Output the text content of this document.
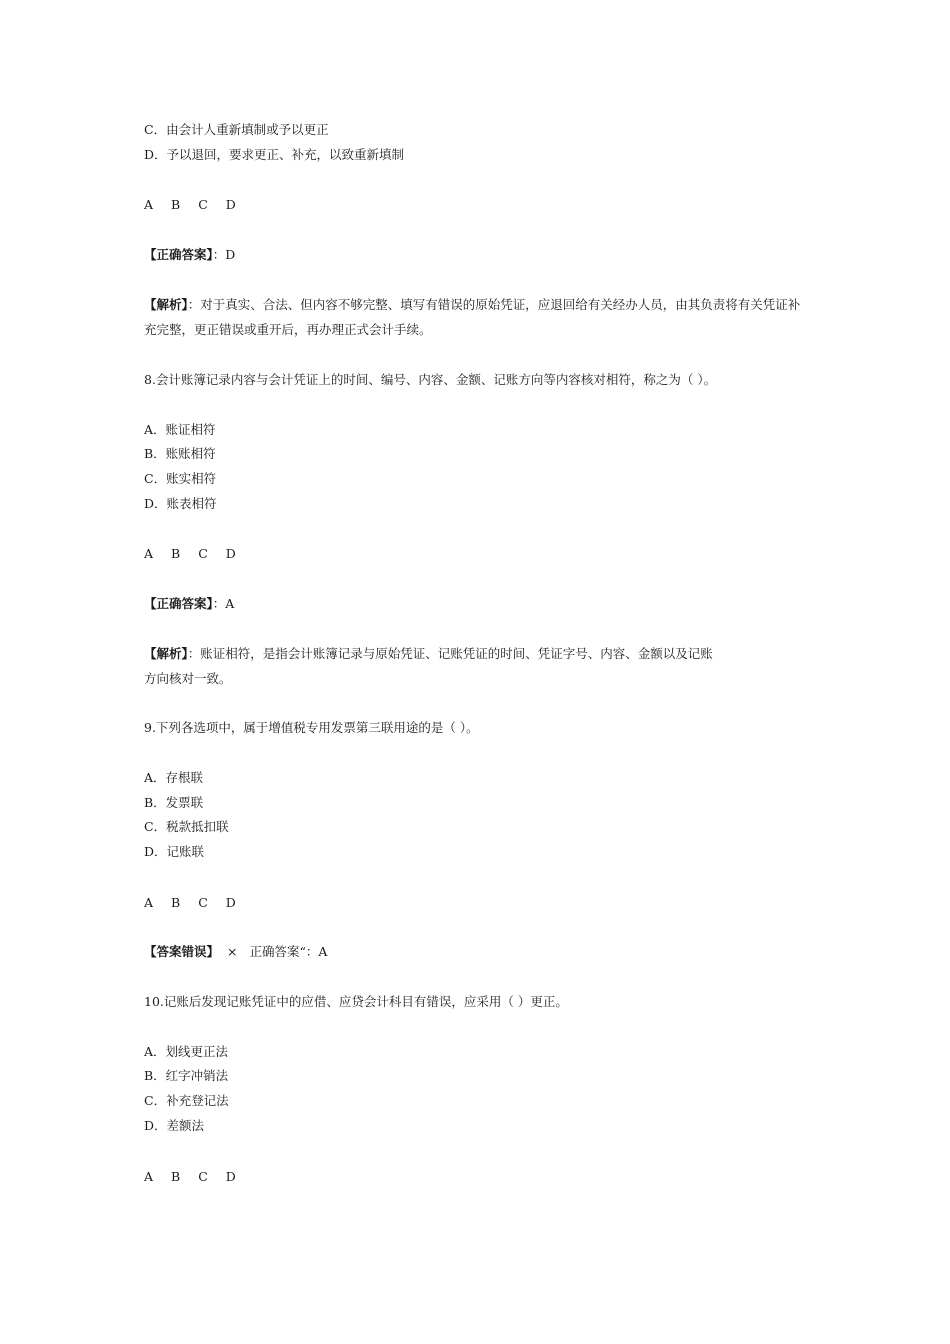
C．由会计人重新填制或予以更正
D．予以退回，要求更正、补充，以致重新填制
A B C D
【正确答案】：D
【解析】：对于真实、合法、但内容不够完整、填写有错误的原始凭证，应退回给有关经办人员，由其负责将有关凭证补
充完整，更正错误或重开后，再办理正式会计手续。
8.会计账簿记录内容与会计凭证上的时间、编号、内容、金额、记账方向等内容核对相符，称之为（ ）。
A．账证相符
B．账账相符
C．账实相符
D．账表相符
A B C D
【正确答案】：A
【解析】：账证相符，是指会计账簿记录与原始凭证、记账凭证的时间、凭证字号、内容、金额以及记账
方向核对一致。
9.下列各选项中，属于增值税专用发票第三联用途的是（ ）。
A．存根联
B．发票联
C．税款抵扣联
D．记账联
A B C D
【答案错误】 × 正确答案“：A
10.记账后发现记账凭证中的应借、应贷会计科目有错误，应采用（ ）更正。
A．划线更正法
B．红字冲销法
C．补充登记法
D．差额法
A B C D
